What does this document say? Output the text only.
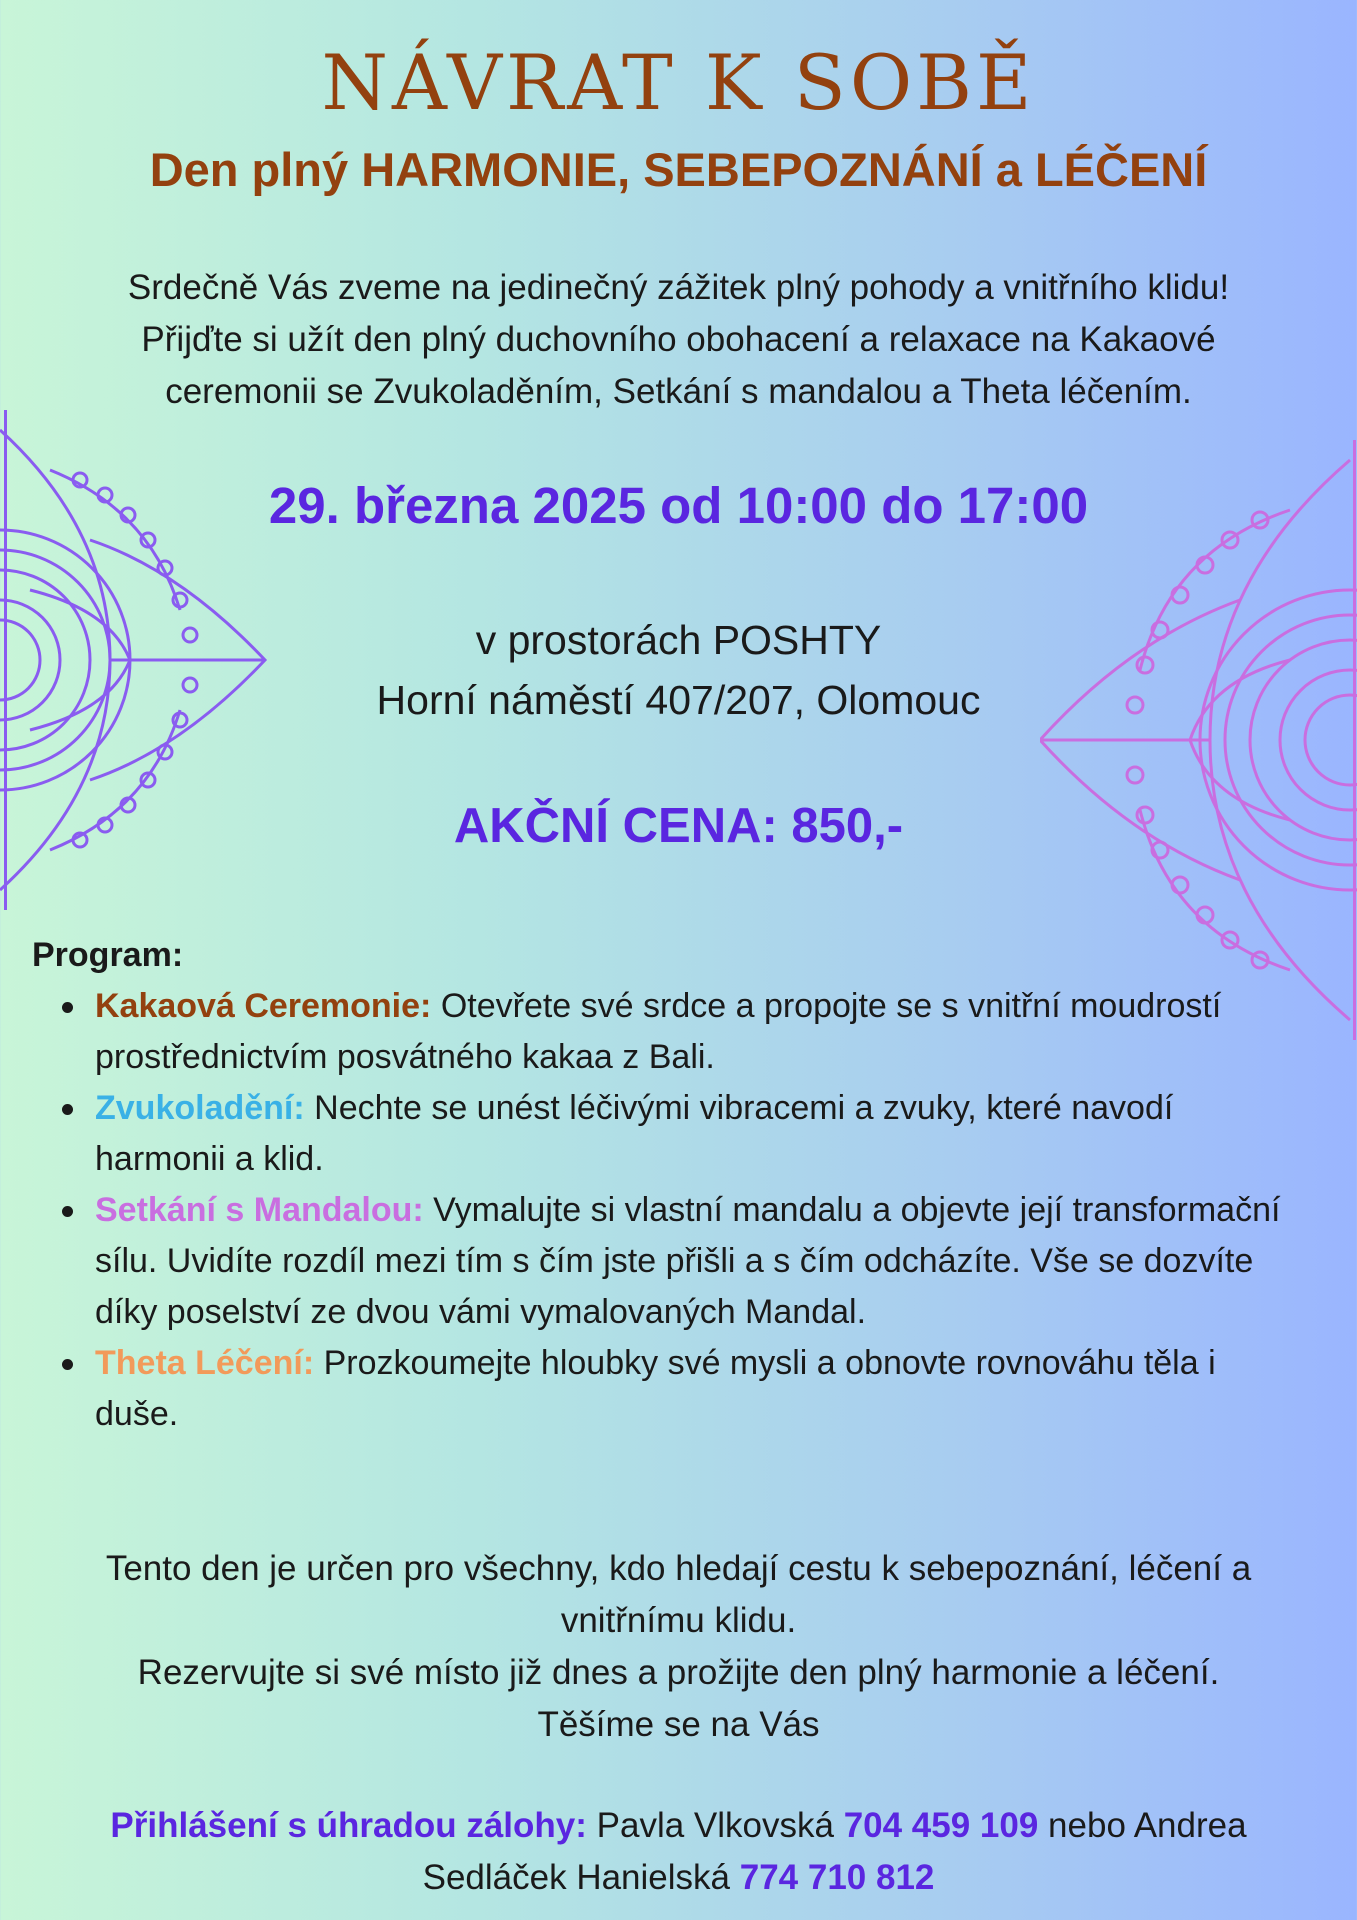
NÁVRAT K SOBĚ
Den plný HARMONIE, SEBEPOZNÁNÍ a LÉČENÍ
Srdečně Vás zveme na jedinečný zážitek plný pohody a vnitřního klidu!
Přijďte si užít den plný duchovního obohacení a relaxace na Kakaové
ceremonii se Zvukoladěním, Setkání s mandalou a Theta léčením.
29. března 2025 od 10:00 do 17:00
v prostorách POSHTY
Horní náměstí 407/207, Olomouc
AKČNÍ CENA: 850,-
Program:
Kakaová Ceremonie: Otevřete své srdce a propojte se s vnitřní moudrostí prostřednictvím posvátného kakaa z Bali.
Zvukoladění: Nechte se unést léčivými vibracemi a zvuky, které navodí harmonii a klid.
Setkání s Mandalou: Vymalujte si vlastní mandalu a objevte její transformační sílu. Uvidíte rozdíl mezi tím s čím jste přišli a s čím odcházíte. Vše se dozvíte díky poselství ze dvou vámi vymalovaných Mandal.
Theta Léčení: Prozkoumejte hloubky své mysli a obnovte rovnováhu těla i duše.
Tento den je určen pro všechny, kdo hledají cestu k sebepoznání, léčení a
vnitřnímu klidu.
Rezervujte si své místo již dnes a prožijte den plný harmonie a léčení.
Těšíme se na Vás
Přihlášení s úhradou zálohy: Pavla Vlkovská 704 459 109 nebo Andrea
Sedláček Hanielská 774 710 812
